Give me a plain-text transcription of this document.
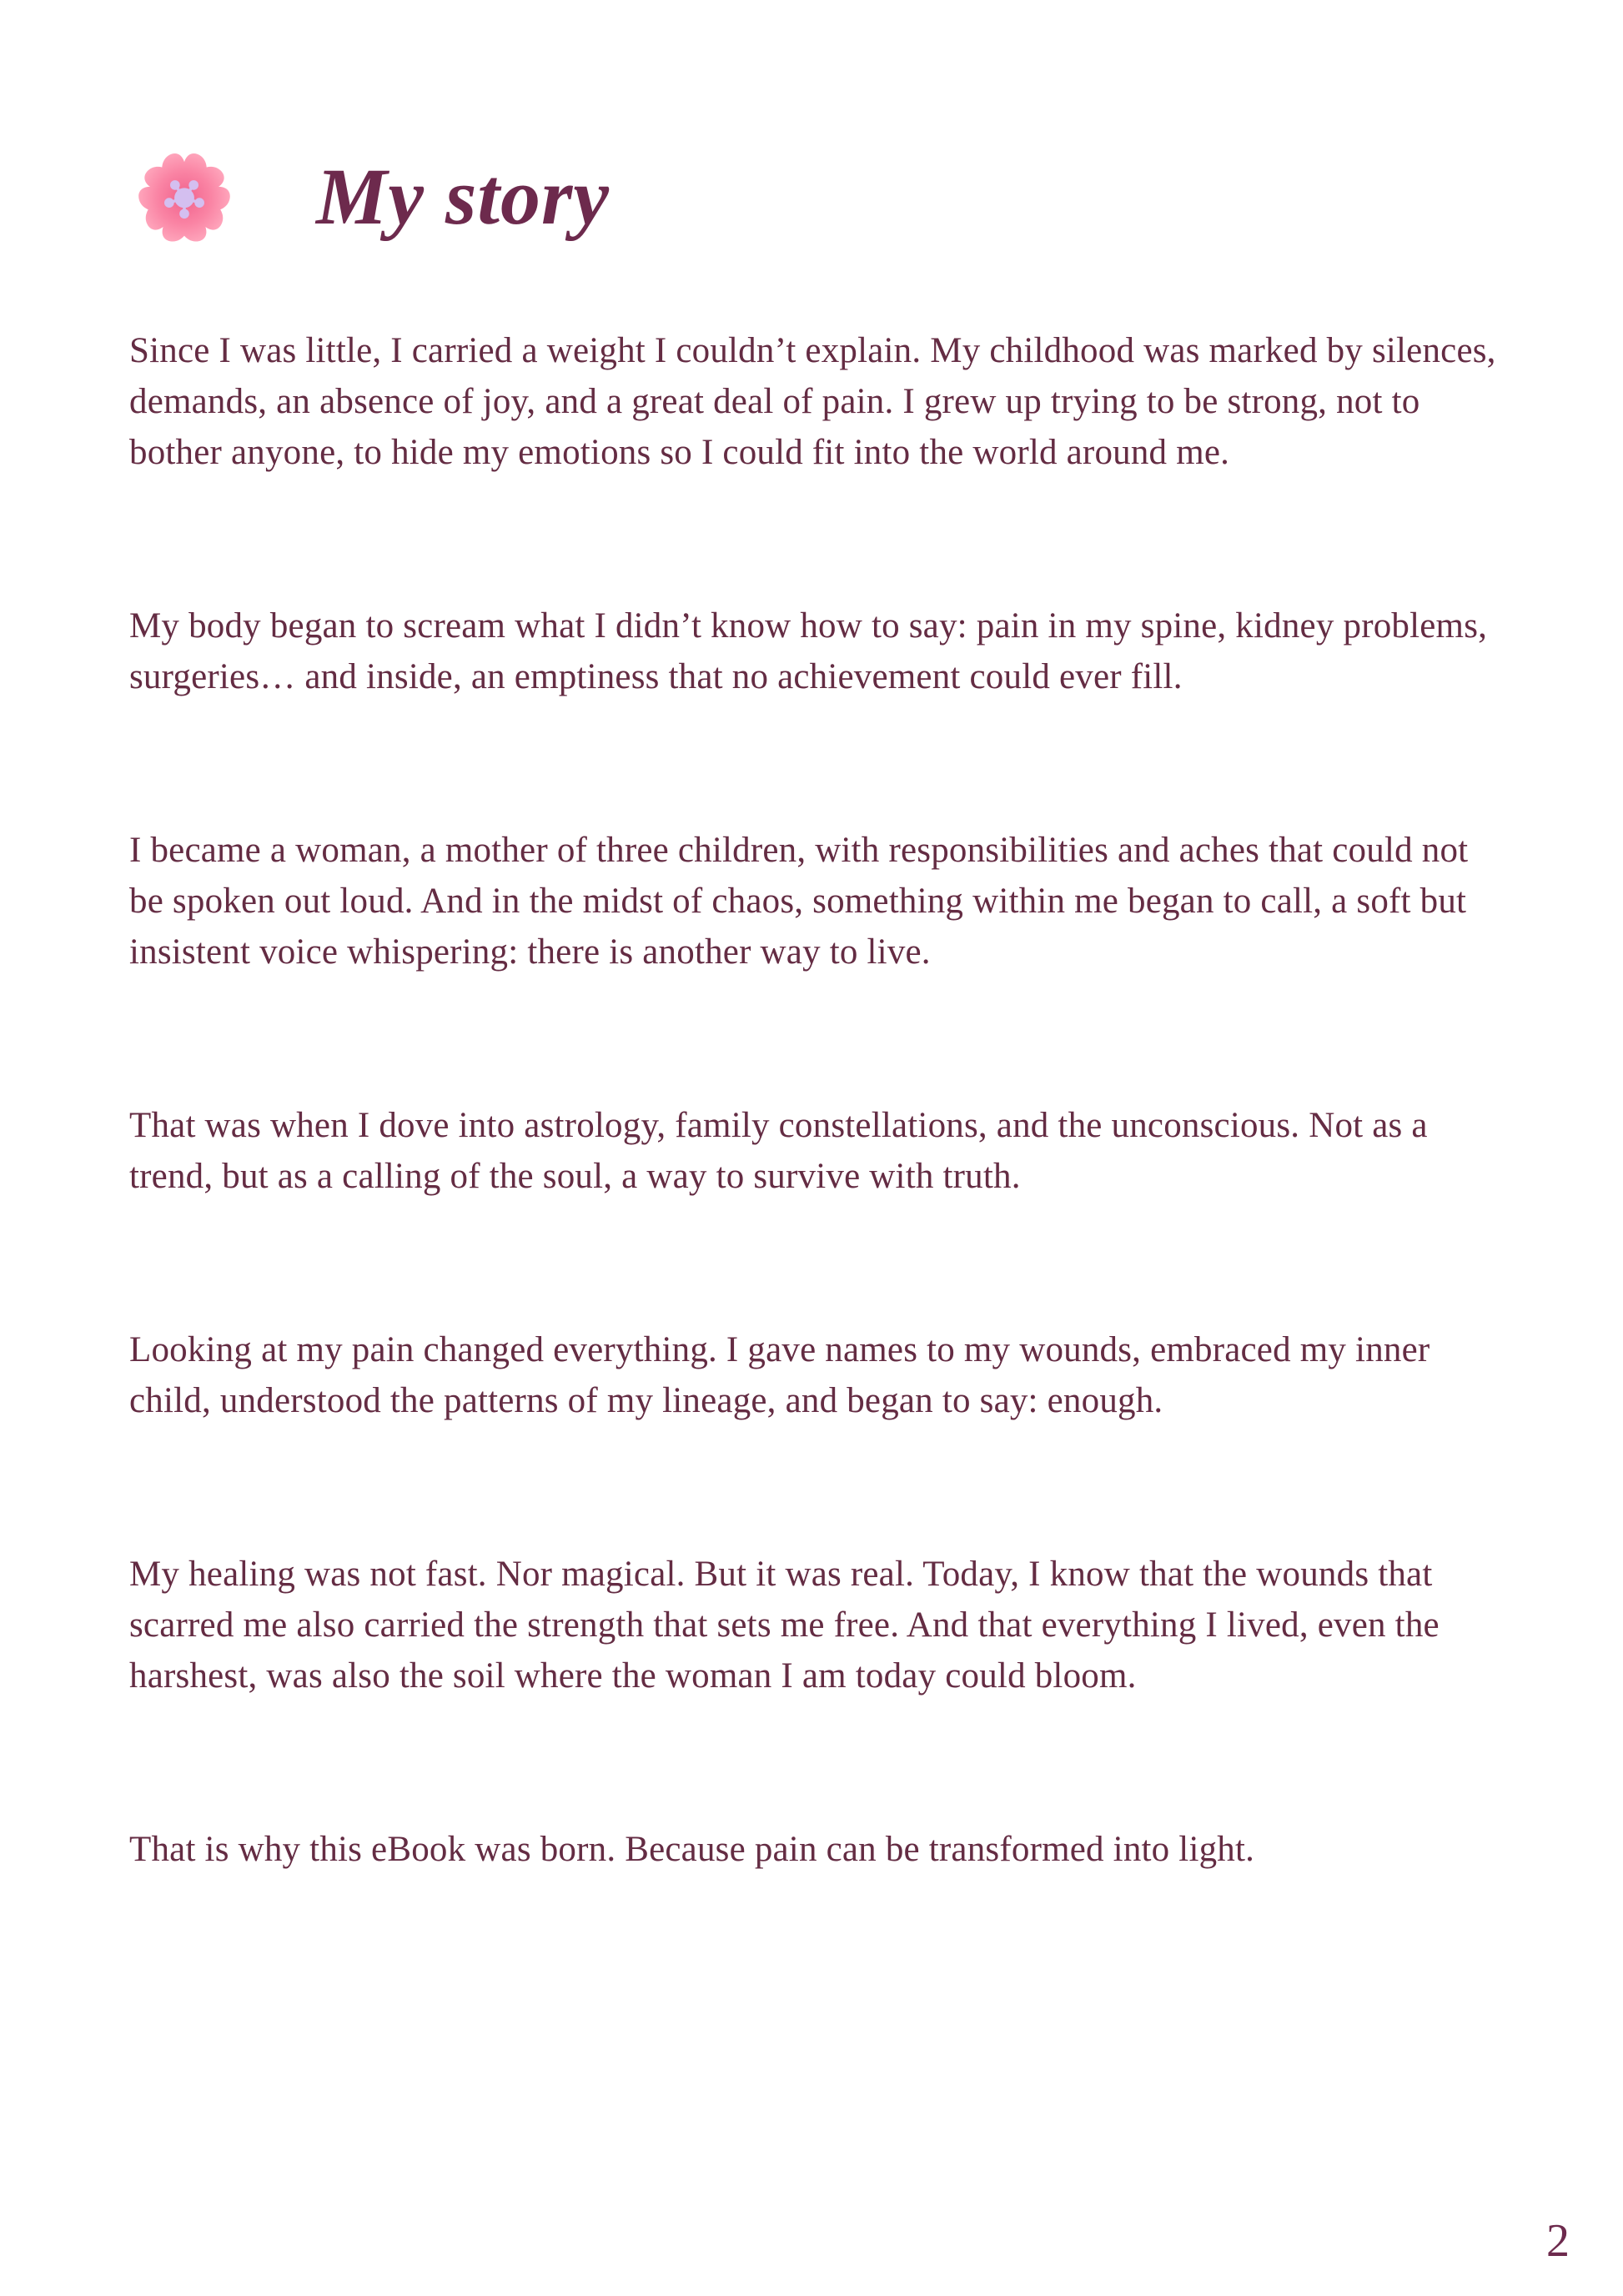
My story

Since I was little, I carried a weight I couldn’t explain. My childhood was marked by silences, demands, an absence of joy, and a great deal of pain. I grew up trying to be strong, not to bother anyone, to hide my emotions so I could fit into the world around me.

My body began to scream what I didn’t know how to say: pain in my spine, kidney problems, surgeries… and inside, an emptiness that no achievement could ever fill.

I became a woman, a mother of three children, with responsibilities and aches that could not be spoken out loud. And in the midst of chaos, something within me began to call, a soft but insistent voice whispering: there is another way to live.

That was when I dove into astrology, family constellations, and the unconscious. Not as a trend, but as a calling of the soul, a way to survive with truth.

Looking at my pain changed everything. I gave names to my wounds, embraced my inner child, understood the patterns of my lineage, and began to say: enough.

My healing was not fast. Nor magical. But it was real. Today, I know that the wounds that scarred me also carried the strength that sets me free. And that everything I lived, even the harshest, was also the soil where the woman I am today could bloom.

That is why this eBook was born. Because pain can be transformed into light.

2
